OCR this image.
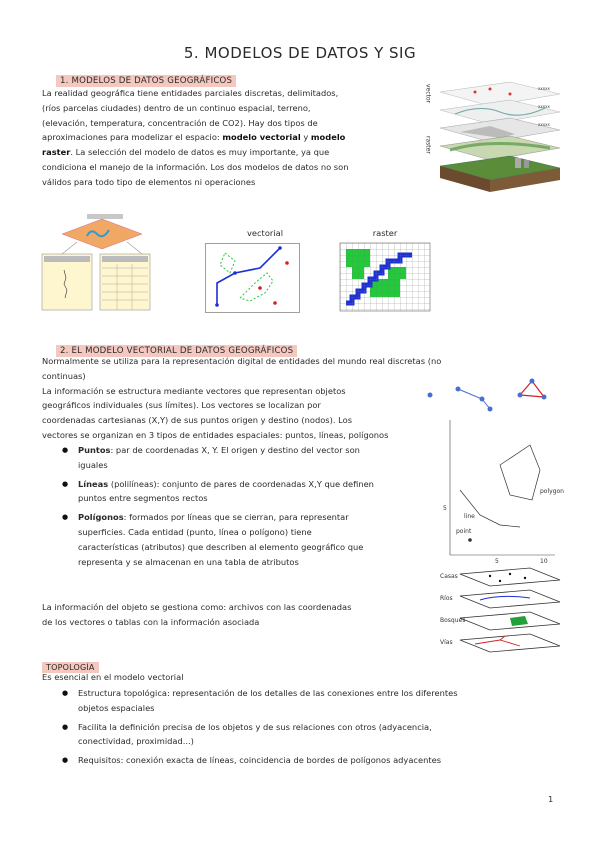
5. MODELOS DE DATOS Y SIG
1. MODELOS DE DATOS GEOGRÁFICOS
La realidad geográfica tiene entidades parciales discretas, delimitados,
(ríos parcelas ciudades) dentro de un continuo espacial, terreno,
(elevación, temperatura, concentración de CO2). Hay dos tipos de
aproximaciones para modelizar el espacio: modelo vectorial y modelo
raster. La selección del modelo de datos es muy importante, ya que
condiciona el manejo de la información. Los dos modelos de datos no son
válidos para todo tipo de elementos ni operaciones
vector
raster
xxxxx
xxxxx
xxxxx
vectorial	raster
2. EL MODELO VECTORIAL DE DATOS GEOGRÁFICOS
Normalmente se utiliza para la representación digital de entidades del mundo real discretas (no
continuas)
La información se estructura mediante vectores que representan objetos
geográficos individuales (sus límites). Los vectores se localizan por
coordenadas cartesianas (X,Y) de sus puntos origen y destino (nodos). Los
vectores se organizan en 3 tipos de entidades espaciales: puntos, líneas, polígonos
● Puntos: par de coordenadas X, Y. El origen y destino del vector son
iguales
● Líneas (polilíneas): conjunto de pares de coordenadas X,Y que definen
puntos entre segmentos rectos
● Polígonos: formados por líneas que se cierran, para representar
superficies. Cada entidad (punto, línea o polígono) tiene
características (atributos) que describen al elemento geográfico que
representa y se almacenan en una tabla de atributos
La información del objeto se gestiona como: archivos con las coordenadas
de los vectores o tablas con la información asociada
polygon
point
line
5
5	10
Casas
Ríos
Bosques
Vías
TOPOLOGÍA
Es esencial en el modelo vectorial
● Estructura topológica: representación de los detalles de las conexiones entre los diferentes
objetos espaciales
● Facilita la definición precisa de los objetos y de sus relaciones con otros (adyacencia,
conectividad, proximidad...)
● Requisitos: conexión exacta de líneas, coincidencia de bordes de polígonos adyacentes
1
